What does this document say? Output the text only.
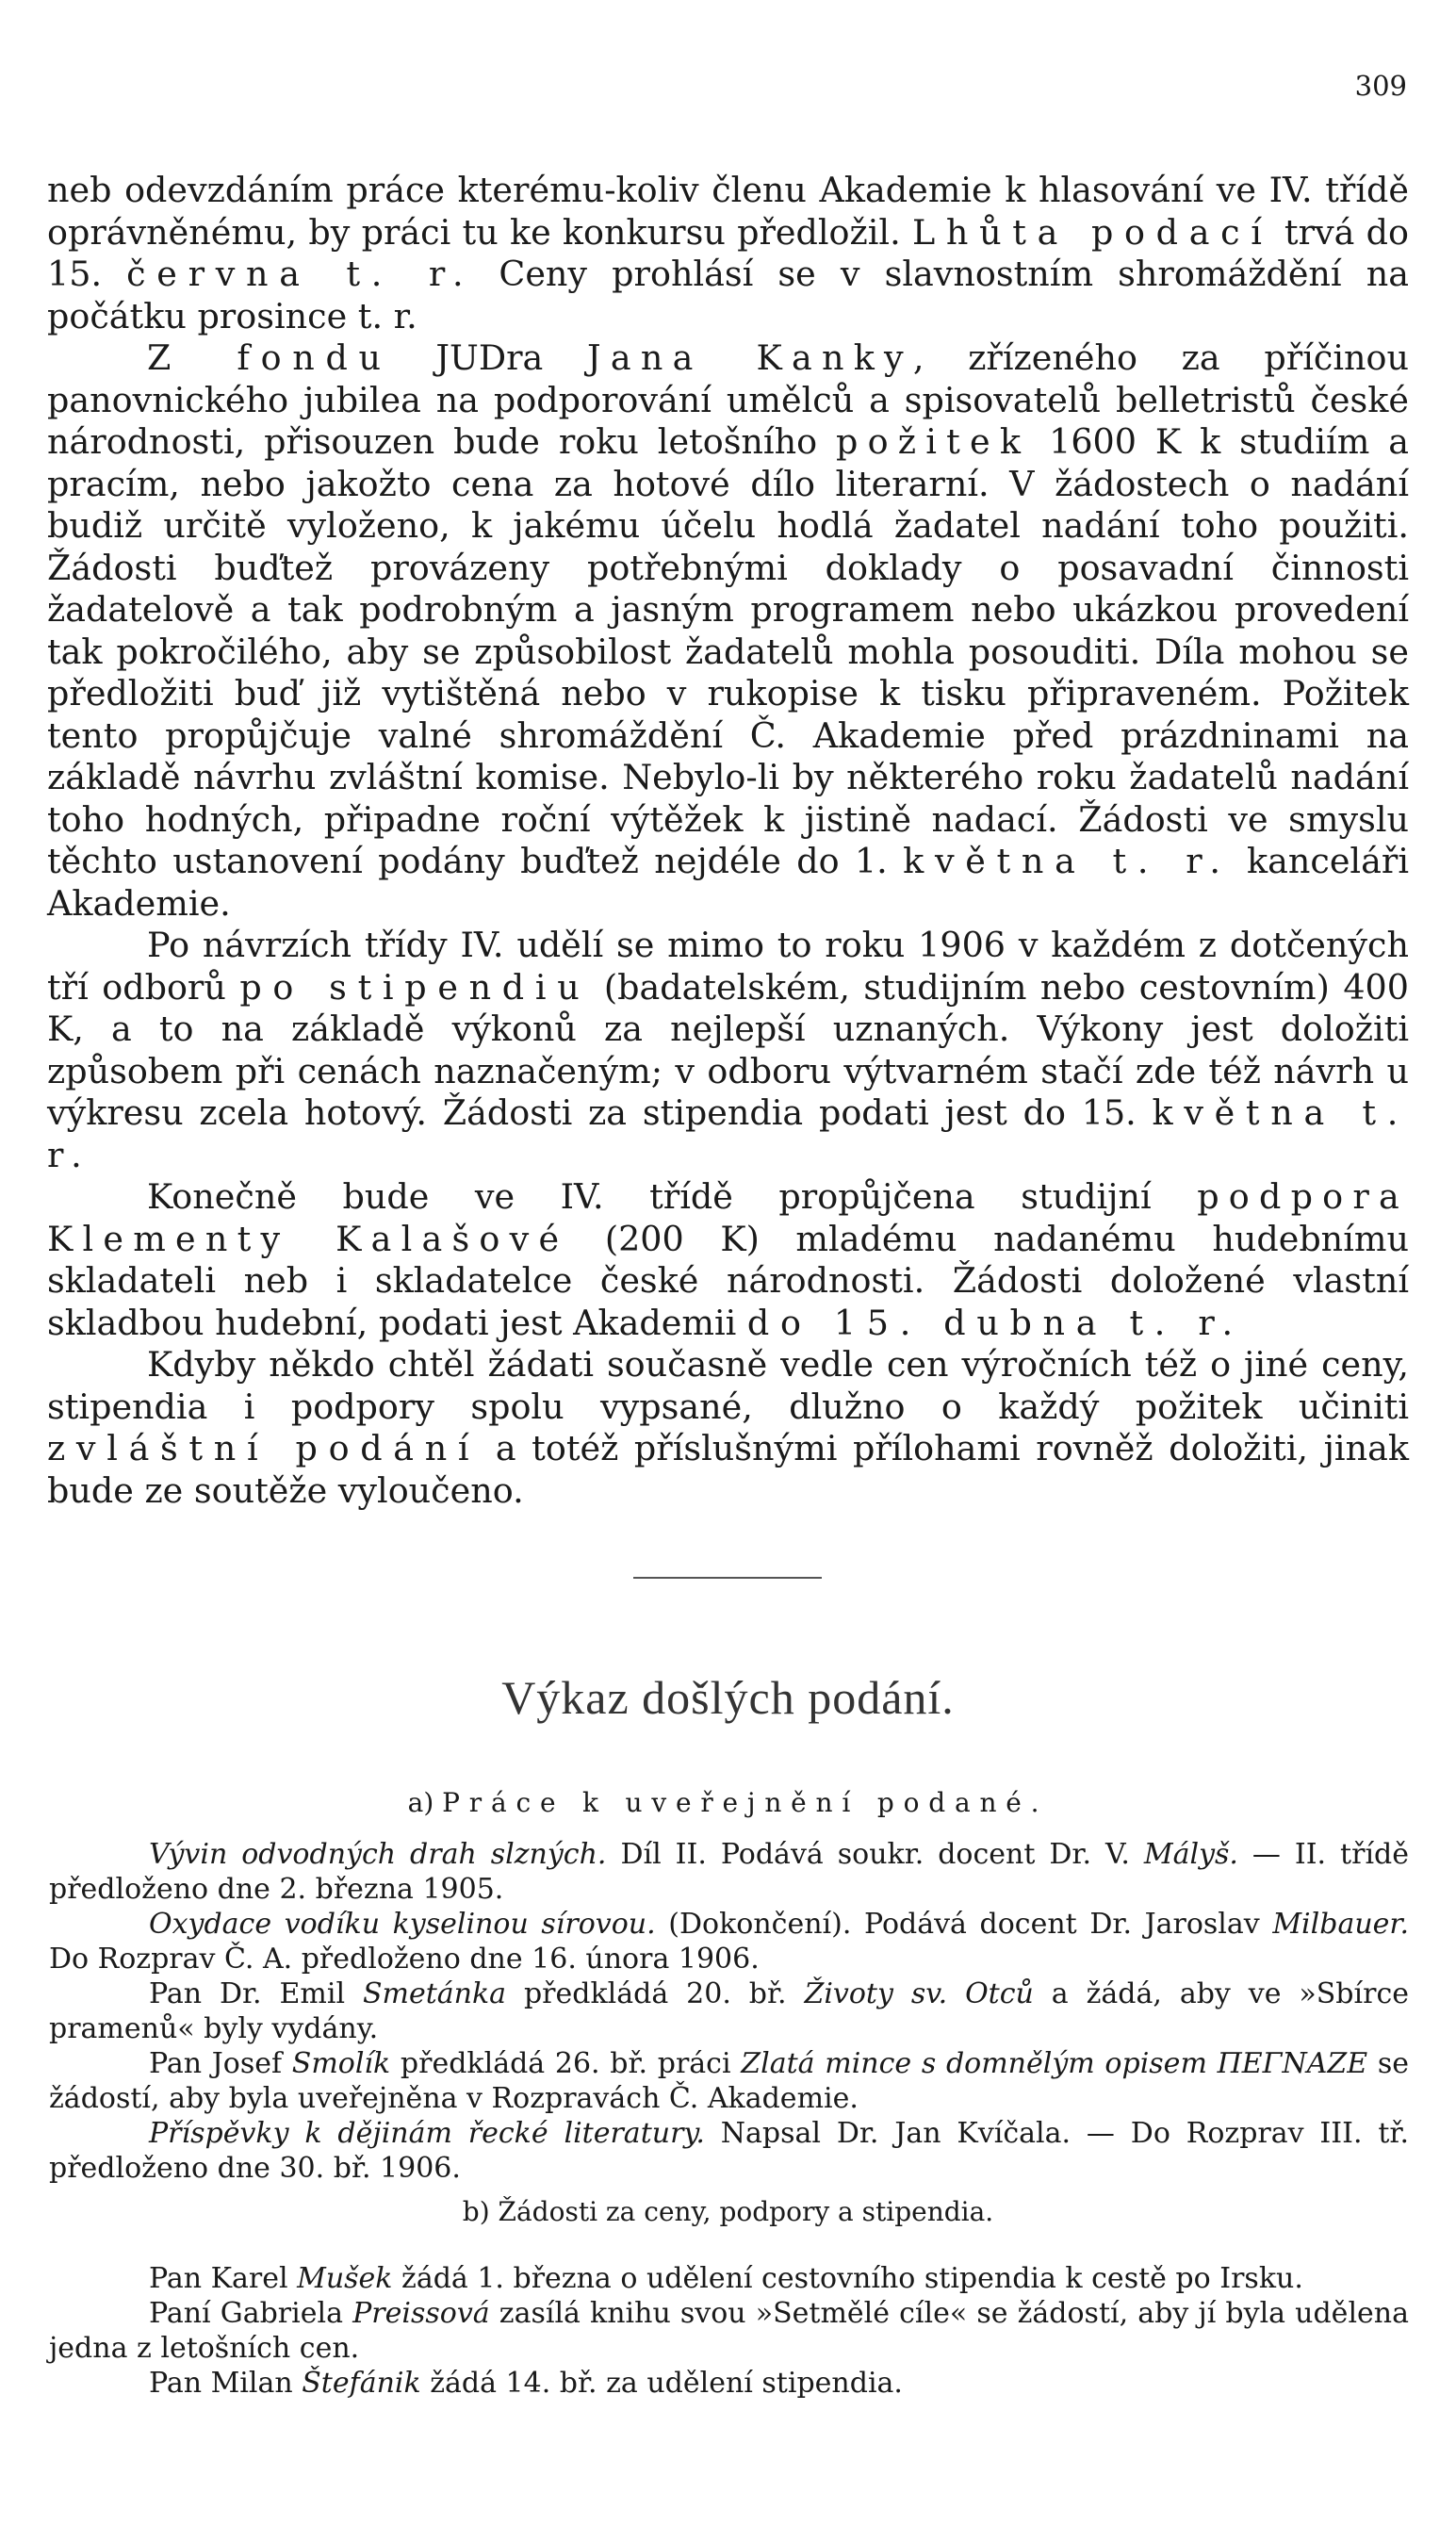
309

neb odevzdáním práce kterému-koliv členu Akademie k hlasování ve IV. třídě oprávněnému, by práci tu ke konkursu předložil. Lhůta podací trvá do 15. června t. r. Ceny prohlásí se v slavnostním shromáždění na počátku prosince t. r.

Z fondu JUDra Jana Kanky, zřízeného za příčinou panovnického jubilea na podporování umělců a spisovatelů belletristů české národnosti, přisouzen bude roku letošního požitek 1600 K k studiím a pracím, nebo jakožto cena za hotové dílo literarní. V žádostech o nadání budiž určitě vyloženo, k jakému účelu hodlá žadatel nadání toho použiti. Žádosti buďtež provázeny potřebnými doklady o posavadní činnosti žadatelově a tak podrobným a jasným programem nebo ukázkou provedení tak pokročilého, aby se způsobilost žadatelů mohla posouditi. Díla mohou se předložiti buď již vytištěná nebo v rukopise k tisku připraveném. Požitek tento propůjčuje valné shromáždění Č. Akademie před prázdninami na základě návrhu zvláštní komise. Nebylo-li by některého roku žadatelů nadání toho hodných, připadne roční výtěžek k jistině nadací. Žádosti ve smyslu těchto ustanovení podány buďtež nejdéle do 1. května t. r. kanceláři Akademie.

Po návrzích třídy IV. udělí se mimo to roku 1906 v každém z dotčených tří odborů po stipendiu (badatelském, studijním nebo cestovním) 400 K, a to na základě výkonů za nejlepší uznaných. Výkony jest doložiti způsobem při cenách naznačeným; v odboru výtvarném stačí zde též návrh u výkresu zcela hotový. Žádosti za stipendia podati jest do 15. května t. r.

Konečně bude ve IV. třídě propůjčena studijní podpora Klementy Kalašové (200 K) mladému nadanému hudebnímu skladateli neb i skladatelce české národnosti. Žádosti doložené vlastní skladbou hudební, podati jest Akademii do 15. dubna t. r.

Kdyby někdo chtěl žádati současně vedle cen výročních též o jiné ceny, stipendia i podpory spolu vypsané, dlužno o každý požitek učiniti zvláštní podání a totéž příslušnými přílohami rovněž doložiti, jinak bude ze soutěže vyloučeno.

Výkaz došlých podání.
a) Práce k uveřejnění podané.

Vývin odvodných drah slzných. Díl II. Podává soukr. docent Dr. V. Mályš. — II. třídě předloženo dne 2. března 1905.

Oxydace vodíku kyselinou sírovou. (Dokončení). Podává docent Dr. Jaroslav Milbauer. Do Rozprav Č. A. předloženo dne 16. února 1906.

Pan Dr. Emil Smetánka předkládá 20. bř. Životy sv. Otců a žádá, aby ve »Sbírce pramenů« byly vydány.

Pan Josef Smolík předkládá 26. bř. práci Zlatá mince s domnělým opisem ΠΕΓΝΑΖΕ se žádostí, aby byla uveřejněna v Rozpravách Č. Akademie.

Příspěvky k dějinám řecké literatury. Napsal Dr. Jan Kvíčala. — Do Rozprav III. tř. předloženo dne 30. bř. 1906.

b) Žádosti za ceny, podpory a stipendia.

Pan Karel Mušek žádá 1. března o udělení cestovního stipendia k cestě po Irsku.

Paní Gabriela Preissová zasílá knihu svou »Setmělé cíle« se žádostí, aby jí byla udělena jedna z letošních cen.

Pan Milan Štefánik žádá 14. bř. za udělení stipendia.
